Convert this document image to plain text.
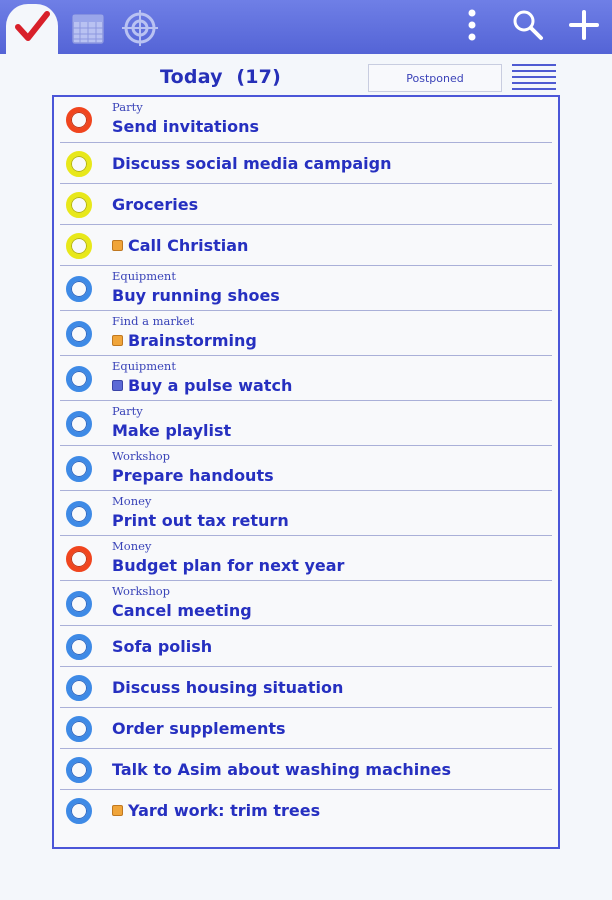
Today  (17)	Postponed
Party
Send invitations
Discuss social media campaign
Groceries
Call Christian
Equipment
Buy running shoes
Find a market
Brainstorming
Equipment
Buy a pulse watch
Party
Make playlist
Workshop
Prepare handouts
Money
Print out tax return
Money
Budget plan for next year
Workshop
Cancel meeting
Sofa polish
Discuss housing situation
Order supplements
Talk to Asim about washing machines
Yard work: trim trees
